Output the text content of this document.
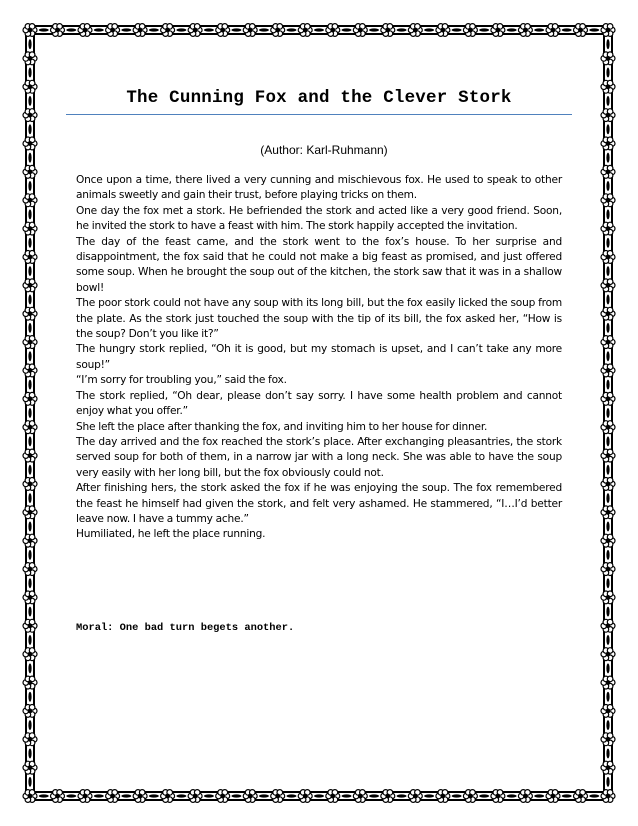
The Cunning Fox and the Clever Stork
(Author: Karl-Ruhmann)

Once upon a time, there lived a very cunning and mischievous fox. He used to speak to other animals sweetly and gain their trust, before playing tricks on them.

One day the fox met a stork. He befriended the stork and acted like a very good friend. Soon, he invited the stork to have a feast with him. The stork happily accepted the invitation.

The day of the feast came, and the stork went to the fox’s house. To her surprise and disappointment, the fox said that he could not make a big feast as promised, and just offered some soup. When he brought the soup out of the kitchen, the stork saw that it was in a shallow bowl!

The poor stork could not have any soup with its long bill, but the fox easily licked the soup from the plate. As the stork just touched the soup with the tip of its bill, the fox asked her, “How is the soup? Don’t you like it?”

The hungry stork replied, “Oh it is good, but my stomach is upset, and I can’t take any more soup!”

“I’m sorry for troubling you,” said the fox.

The stork replied, “Oh dear, please don’t say sorry. I have some health problem and cannot enjoy what you offer.”

She left the place after thanking the fox, and inviting him to her house for dinner.

The day arrived and the fox reached the stork’s place. After exchanging pleasantries, the stork served soup for both of them, in a narrow jar with a long neck. She was able to have the soup very easily with her long bill, but the fox obviously could not.

After finishing hers, the stork asked the fox if he was enjoying the soup. The fox remembered the feast he himself had given the stork, and felt very ashamed. He stammered, “I…I’d better leave now. I have a tummy ache.”

Humiliated, he left the place running.

Moral: One bad turn begets another.
